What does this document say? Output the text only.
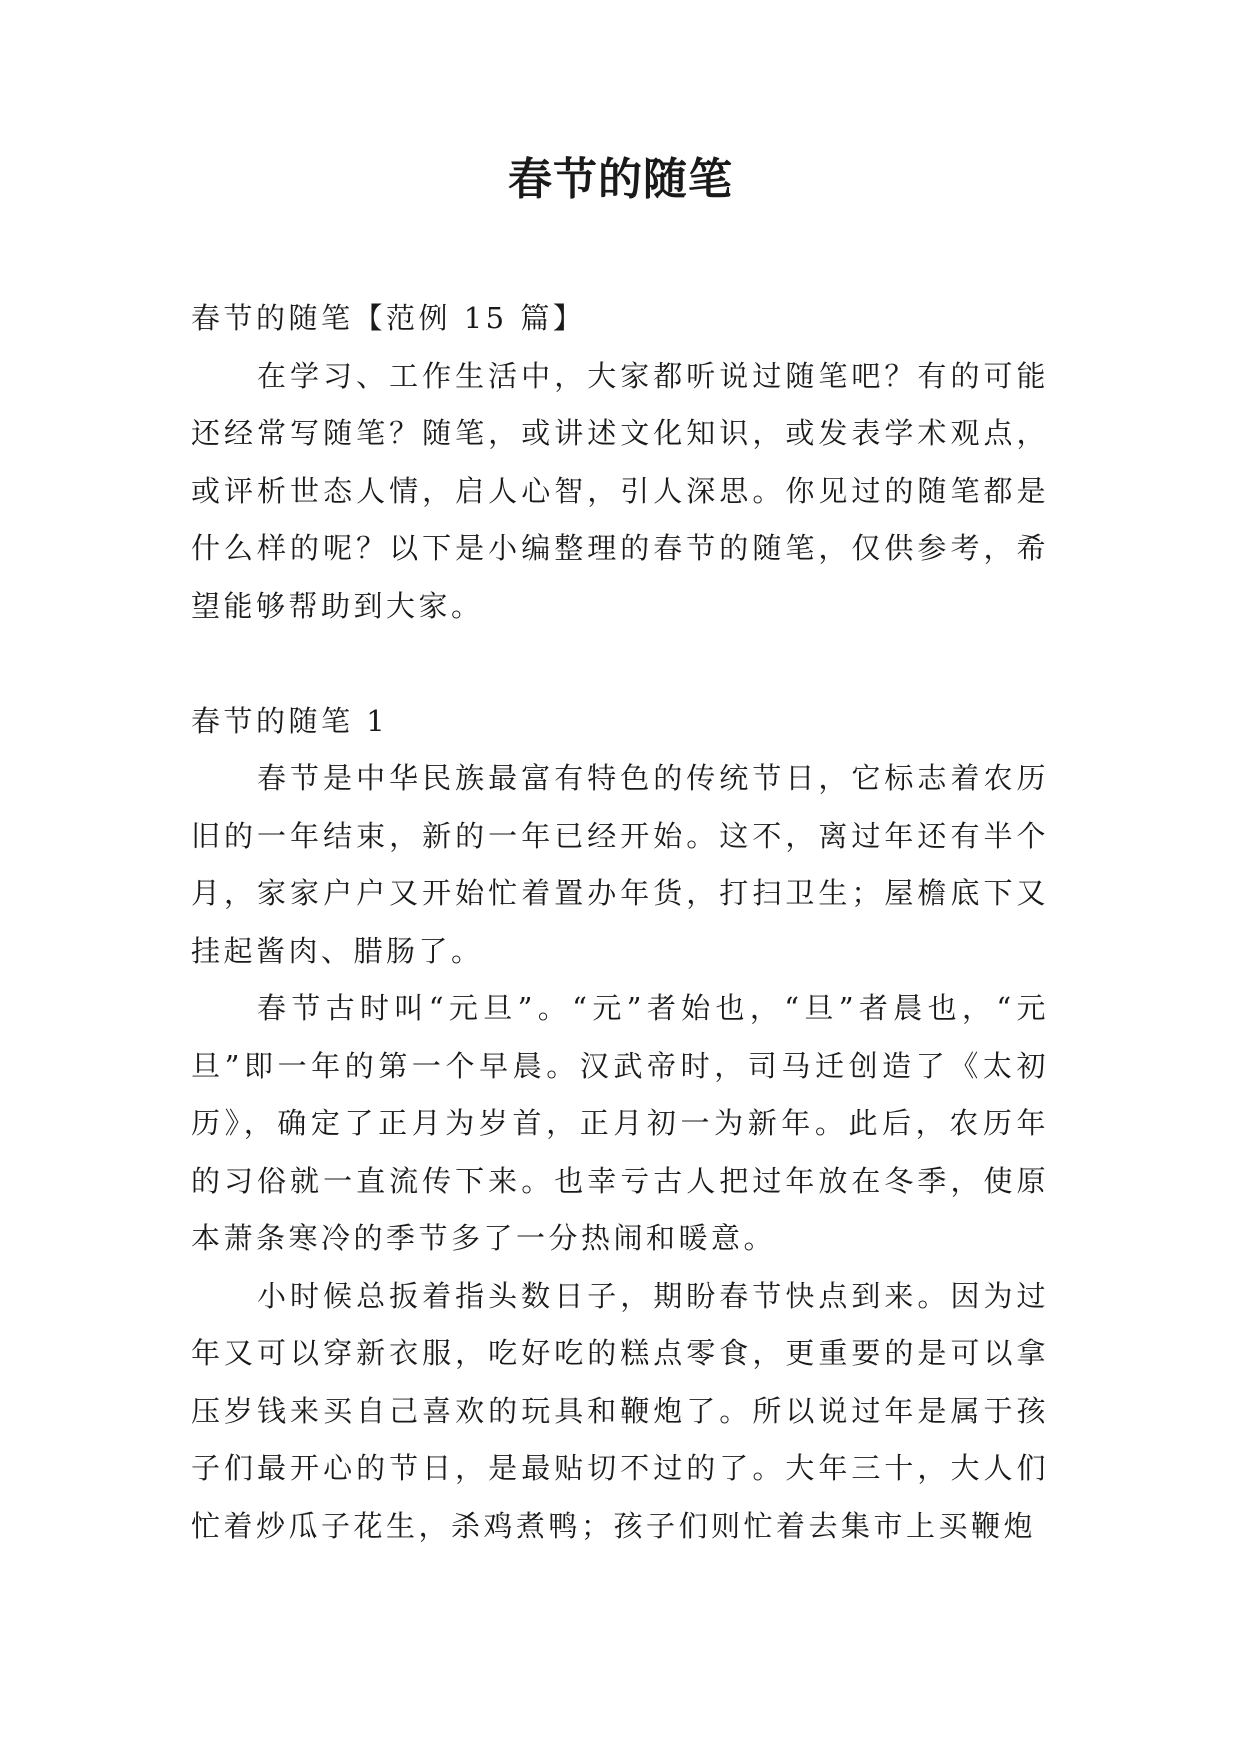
春节的随笔

春节的随笔【范例 15 篇】

在学习、工作生活中，大家都听说过随笔吧？有的可能还经常写随笔？随笔，或讲述文化知识，或发表学术观点，或评析世态人情，启人心智，引人深思。你见过的随笔都是什么样的呢？以下是小编整理的春节的随笔，仅供参考，希望能够帮助到大家。

春节的随笔 1

春节是中华民族最富有特色的传统节日，它标志着农历旧的一年结束，新的一年已经开始。这不，离过年还有半个月，家家户户又开始忙着置办年货，打扫卫生；屋檐底下又挂起酱肉、腊肠了。

春节古时叫“元旦”。“元”者始也，“旦”者晨也，“元旦”即一年的第一个早晨。汉武帝时，司马迁创造了《太初历》，确定了正月为岁首，正月初一为新年。此后，农历年的习俗就一直流传下来。也幸亏古人把过年放在冬季，使原本萧条寒冷的季节多了一分热闹和暖意。

小时候总扳着指头数日子，期盼春节快点到来。因为过年又可以穿新衣服，吃好吃的糕点零食，更重要的是可以拿压岁钱来买自己喜欢的玩具和鞭炮了。所以说过年是属于孩子们最开心的节日，是最贴切不过的了。大年三十，大人们忙着炒瓜子花生，杀鸡煮鸭；孩子们则忙着去集市上买鞭炮
